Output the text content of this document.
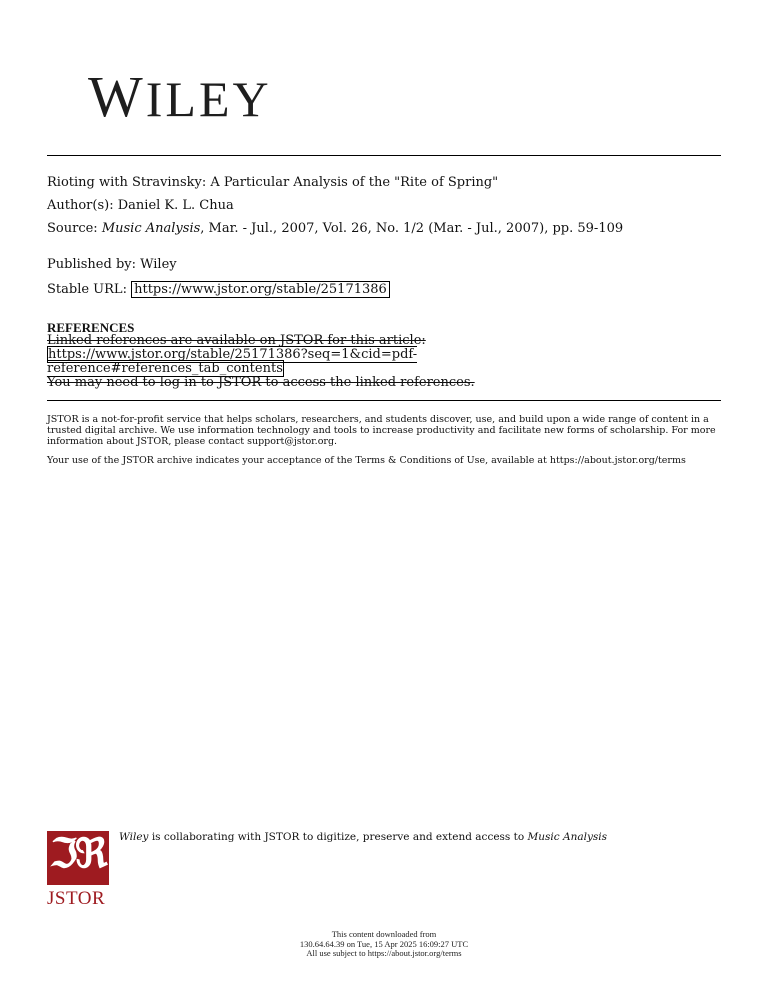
WILEY
Rioting with Stravinsky: A Particular Analysis of the "Rite of Spring"
Author(s): Daniel K. L. Chua
Source: Music Analysis, Mar. - Jul., 2007, Vol. 26, No. 1/2 (Mar. - Jul., 2007), pp. 59-109
Published by: Wiley
Stable URL: https://www.jstor.org/stable/25171386
REFERENCES
Linked references are available on JSTOR for this article:
https://www.jstor.org/stable/25171386?seq=1&cid=pdf-
reference#references_tab_contents
You may need to log in to JSTOR to access the linked references.
JSTOR is a not-for-profit service that helps scholars, researchers, and students discover, use, and build upon a wide range of content in a trusted digital archive. We use information technology and tools to increase productivity and facilitate new forms of scholarship. For more information about JSTOR, please contact support@jstor.org.
Your use of the JSTOR archive indicates your acceptance of the Terms & Conditions of Use, available at https://about.jstor.org/terms
ℑ
ℜ
JSTOR
Wiley is collaborating with JSTOR to digitize, preserve and extend access to Music Analysis
This content downloaded from
130.64.64.39 on Tue, 15 Apr 2025 16:09:27 UTC
All use subject to https://about.jstor.org/terms
